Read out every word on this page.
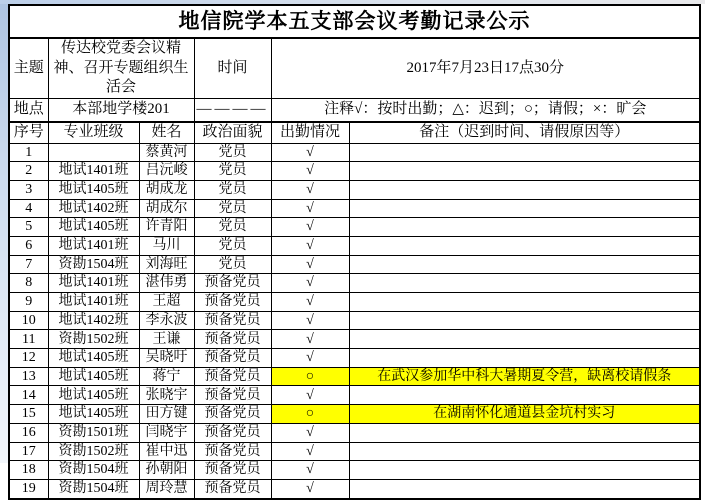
地信院学本五支部会议考勤记录公示					
主题	传达校党委会议精神、召开专题组织生活会		时间	2017年7月23日17点30分	
地点	本部地学楼201		————	注释√：按时出勤；△：迟到；○；请假；×：旷会	
序号	专业班级	姓名	政治面貌	出勤情况	备注（迟到时间、请假原因等）
1		蔡黄河	党员	√	
2	地试1401班	吕沅峻	党员	√	
3	地试1405班	胡成龙	党员	√	
4	地试1402班	胡成尔	党员	√	
5	地试1405班	许青阳	党员	√	
6	地试1401班	马川	党员	√	
7	资勘1504班	刘海旺	党员	√	
8	地试1401班	湛伟勇	预备党员	√	
9	地试1401班	王超	预备党员	√	
10	地试1402班	李永波	预备党员	√	
11	资勘1502班	王谦	预备党员	√	
12	地试1405班	吴晓吁	预备党员	√	
13	地试1405班	蒋宁	预备党员	○	在武汉参加华中科大暑期夏令营，缺离校请假条
14	地试1405班	张晓宇	预备党员	√	
15	地试1405班	田方键	预备党员	○	在湖南怀化通道县金坑村实习
16	资勘1501班	闫晓宇	预备党员	√	
17	资勘1502班	崔中迅	预备党员	√	
18	资勘1504班	孙朝阳	预备党员	√	
19	资勘1504班	周玲慧	预备党员	√	
